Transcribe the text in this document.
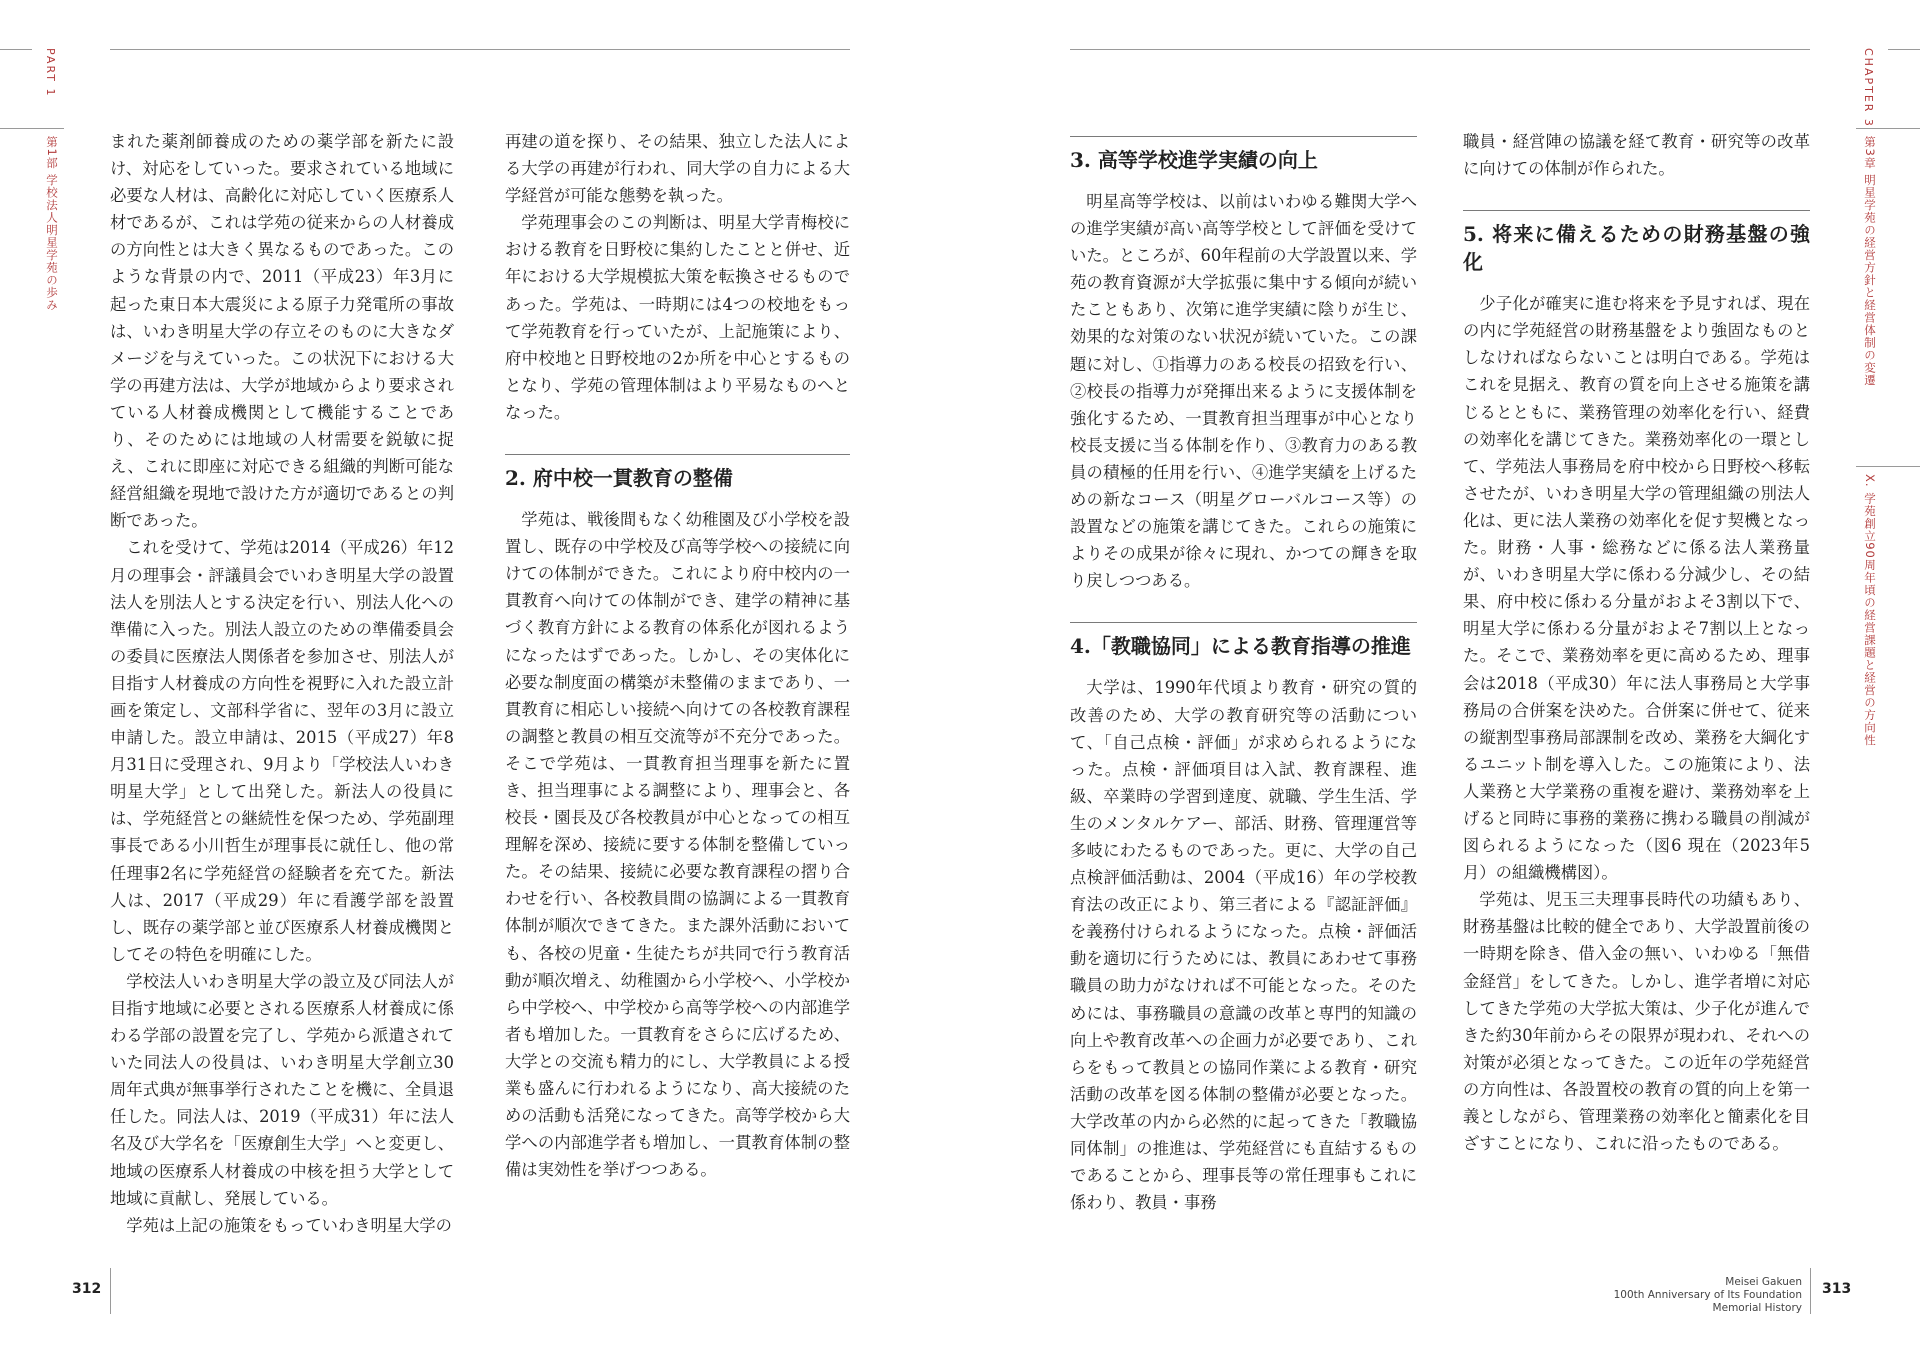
PART 1
第1部 学校法人明星学苑の歩み
CHAPTER 3
第3章 明星学苑の経営方針と経営体制の変遷
X. 学苑創立90周年頃の経営課題と経営の方向性

まれた薬剤師養成のための薬学部を新たに設け、対応をしていった。要求されている地域に必要な人材は、高齢化に対応していく医療系人材であるが、これは学苑の従来からの人材養成の方向性とは大きく異なるものであった。このような背景の内で、2011（平成23）年3月に起った東日本大震災による原子力発電所の事故は、いわき明星大学の存立そのものに大きなダメージを与えていった。この状況下における大学の再建方法は、大学が地域からより要求されている人材養成機関として機能することであり、そのためには地域の人材需要を鋭敏に捉え、これに即座に対応できる組織的判断可能な経営組織を現地で設けた方が適切であるとの判断であった。

これを受けて、学苑は2014（平成26）年12月の理事会・評議員会でいわき明星大学の設置法人を別法人とする決定を行い、別法人化への準備に入った。別法人設立のための準備委員会の委員に医療法人関係者を参加させ、別法人が目指す人材養成の方向性を視野に入れた設立計画を策定し、文部科学省に、翌年の3月に設立申請した。設立申請は、2015（平成27）年8月31日に受理され、9月より「学校法人いわき明星大学」として出発した。新法人の役員には、学苑経営との継続性を保つため、学苑副理事長である小川哲生が理事長に就任し、他の常任理事2名に学苑経営の経験者を充てた。新法人は、2017（平成29）年に看護学部を設置し、既存の薬学部と並び医療系人材養成機関としてその特色を明確にした。

学校法人いわき明星大学の設立及び同法人が目指す地域に必要とされる医療系人材養成に係わる学部の設置を完了し、学苑から派遣されていた同法人の役員は、いわき明星大学創立30周年式典が無事挙行されたことを機に、全員退任した。同法人は、2019（平成31）年に法人名及び大学名を「医療創生大学」へと変更し、地域の医療系人材養成の中核を担う大学として地域に貢献し、発展している。

学苑は上記の施策をもっていわき明星大学の

再建の道を探り、その結果、独立した法人による大学の再建が行われ、同大学の自力による大学経営が可能な態勢を執った。

学苑理事会のこの判断は、明星大学青梅校における教育を日野校に集約したことと併せ、近年における大学規模拡大策を転換させるものであった。学苑は、一時期には4つの校地をもって学苑教育を行っていたが、上記施策により、府中校地と日野校地の2か所を中心とするものとなり、学苑の管理体制はより平易なものへとなった。

2. 府中校一貫教育の整備

学苑は、戦後間もなく幼稚園及び小学校を設置し、既存の中学校及び高等学校への接続に向けての体制ができた。これにより府中校内の一貫教育へ向けての体制ができ、建学の精神に基づく教育方針による教育の体系化が図れるようになったはずであった。しかし、その実体化に必要な制度面の構築が未整備のままであり、一貫教育に相応しい接続へ向けての各校教育課程の調整と教員の相互交流等が不充分であった。そこで学苑は、一貫教育担当理事を新たに置き、担当理事による調整により、理事会と、各校長・園長及び各校教員が中心となっての相互理解を深め、接続に要する体制を整備していった。その結果、接続に必要な教育課程の摺り合わせを行い、各校教員間の協調による一貫教育体制が順次できてきた。また課外活動においても、各校の児童・生徒たちが共同で行う教育活動が順次増え、幼稚園から小学校へ、小学校から中学校へ、中学校から高等学校への内部進学者も増加した。一貫教育をさらに広げるため、大学との交流も精力的にし、大学教員による授業も盛んに行われるようになり、高大接続のための活動も活発になってきた。高等学校から大学への内部進学者も増加し、一貫教育体制の整備は実効性を挙げつつある。

3. 高等学校進学実績の向上

明星高等学校は、以前はいわゆる難関大学への進学実績が高い高等学校として評価を受けていた。ところが、60年程前の大学設置以来、学苑の教育資源が大学拡張に集中する傾向が続いたこともあり、次第に進学実績に陰りが生じ、効果的な対策のない状況が続いていた。この課題に対し、①指導力のある校長の招致を行い、②校長の指導力が発揮出来るように支援体制を強化するため、一貫教育担当理事が中心となり校長支援に当る体制を作り、③教育力のある教員の積極的任用を行い、④進学実績を上げるための新なコース（明星グローバルコース等）の設置などの施策を講じてきた。これらの施策によりその成果が徐々に現れ、かつての輝きを取り戻しつつある。

4.「教職協同」による教育指導の推進

大学は、1990年代頃より教育・研究の質的改善のため、大学の教育研究等の活動について、「自己点検・評価」が求められるようになった。点検・評価項目は入試、教育課程、進級、卒業時の学習到達度、就職、学生生活、学生のメンタルケアー、部活、財務、管理運営等多岐にわたるものであった。更に、大学の自己点検評価活動は、2004（平成16）年の学校教育法の改正により、第三者による『認証評価』を義務付けられるようになった。点検・評価活動を適切に行うためには、教員にあわせて事務職員の助力がなければ不可能となった。そのためには、事務職員の意識の改革と専門的知識の向上や教育改革への企画力が必要であり、これらをもって教員との協同作業による教育・研究活動の改革を図る体制の整備が必要となった。大学改革の内から必然的に起ってきた「教職協同体制」の推進は、学苑経営にも直結するものであることから、理事長等の常任理事もこれに係わり、教員・事務

職員・経営陣の協議を経て教育・研究等の改革に向けての体制が作られた。

5. 将来に備えるための財務基盤の強化

少子化が確実に進む将来を予見すれば、現在の内に学苑経営の財務基盤をより強固なものとしなければならないことは明白である。学苑はこれを見据え、教育の質を向上させる施策を講じるとともに、業務管理の効率化を行い、経費の効率化を講じてきた。業務効率化の一環として、学苑法人事務局を府中校から日野校へ移転させたが、いわき明星大学の管理組織の別法人化は、更に法人業務の効率化を促す契機となった。財務・人事・総務などに係る法人業務量が、いわき明星大学に係わる分減少し、その結果、府中校に係わる分量がおよそ3割以下で、明星大学に係わる分量がおよそ7割以上となった。そこで、業務効率を更に高めるため、理事会は2018（平成30）年に法人事務局と大学事務局の合併案を決めた。合併案に併せて、従来の縦割型事務局部課制を改め、業務を大綱化するユニット制を導入した。この施策により、法人業務と大学業務の重複を避け、業務効率を上げると同時に事務的業務に携わる職員の削減が図られるようになった（図6 現在（2023年5月）の組織機構図）。

学苑は、児玉三夫理事長時代の功績もあり、財務基盤は比較的健全であり、大学設置前後の一時期を除き、借入金の無い、いわゆる「無借金経営」をしてきた。しかし、進学者増に対応してきた学苑の大学拡大策は、少子化が進んできた約30年前からその限界が現われ、それへの対策が必須となってきた。この近年の学苑経営の方向性は、各設置校の教育の質的向上を第一義としながら、管理業務の効率化と簡素化を目ざすことになり、これに沿ったものである。

312	Meisei Gakuen
100th Anniversary of Its Foundation
Memorial History
313
